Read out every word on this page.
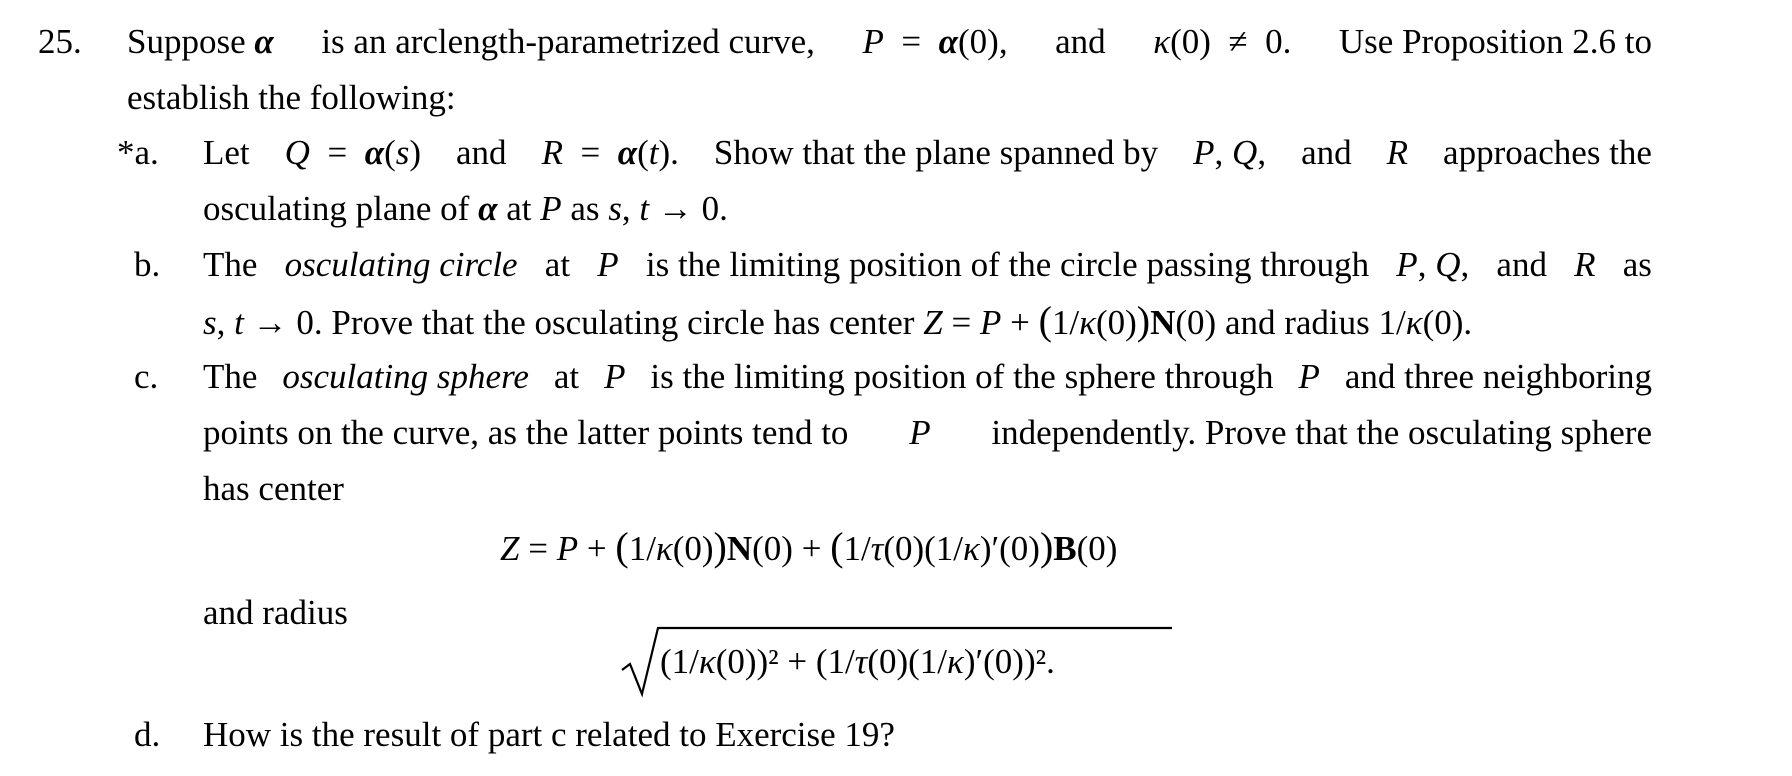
25. Suppose α is an arclength-parametrized curve, P  =  α(0), and κ(0)  ≠  0. Use Proposition 2.6 to
establish the following:
*a. Let Q  =  α(s) and R  =  α(t). Show that the plane spanned by P, Q, and R approaches the
osculating plane of α at P as s, t → 0.
b. The osculating circle at P is the limiting position of the circle passing through P, Q, and R as
s, t → 0. Prove that the osculating circle has center Z = P + (1/κ(0))N(0) and radius 1/κ(0).
c. The osculating sphere at P is the limiting position of the sphere through P and three neighboring
points on the curve, as the latter points tend to P independently. Prove that the osculating sphere
has center
Z = P + (1/κ(0))N(0) + (1/τ(0)(1/κ)′(0))B(0)
and radius
(1/κ(0))² + (1/τ(0)(1/κ)′(0))².
d. How is the result of part c related to Exercise 19?
